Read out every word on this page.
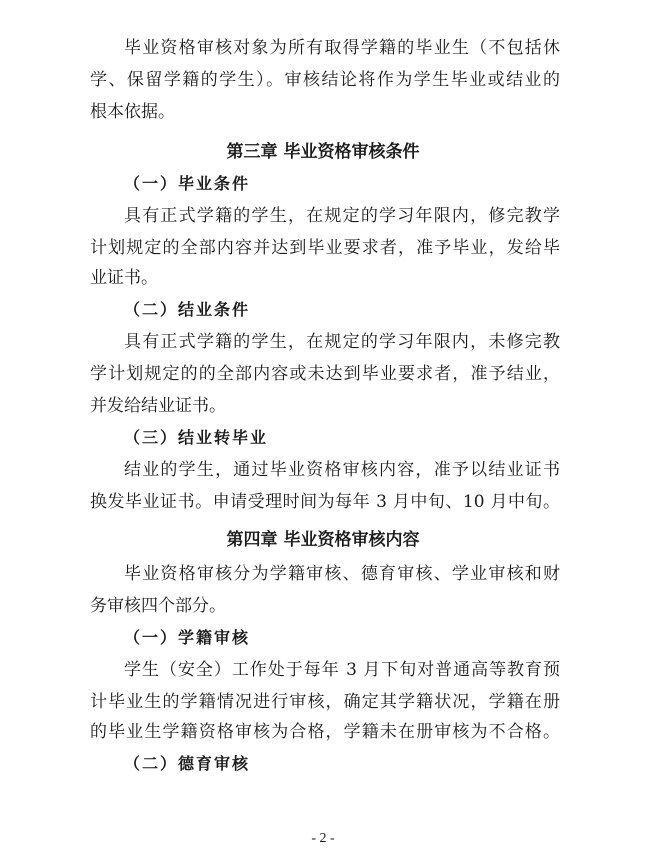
毕业资格审核对象为所有取得学籍的毕业生（不包括休

学、保留学籍的学生）。审核结论将作为学生毕业或结业的

根本依据。

第三章 毕业资格审核条件
（一）毕业条件

具有正式学籍的学生，在规定的学习年限内，修完教学

计划规定的全部内容并达到毕业要求者，准予毕业，发给毕

业证书。

（二）结业条件

具有正式学籍的学生，在规定的学习年限内，未修完教

学计划规定的的全部内容或未达到毕业要求者，准予结业，

并发给结业证书。

（三）结业转毕业

结业的学生，通过毕业资格审核内容，准予以结业证书

换发毕业证书。申请受理时间为每年 3 月中旬、10 月中旬。

第四章 毕业资格审核内容

毕业资格审核分为学籍审核、德育审核、学业审核和财

务审核四个部分。

（一）学籍审核

学生（安全）工作处于每年 3 月下旬对普通高等教育预

计毕业生的学籍情况进行审核，确定其学籍状况，学籍在册

的毕业生学籍资格审核为合格，学籍未在册审核为不合格。

（二）德育审核
- 2 -
